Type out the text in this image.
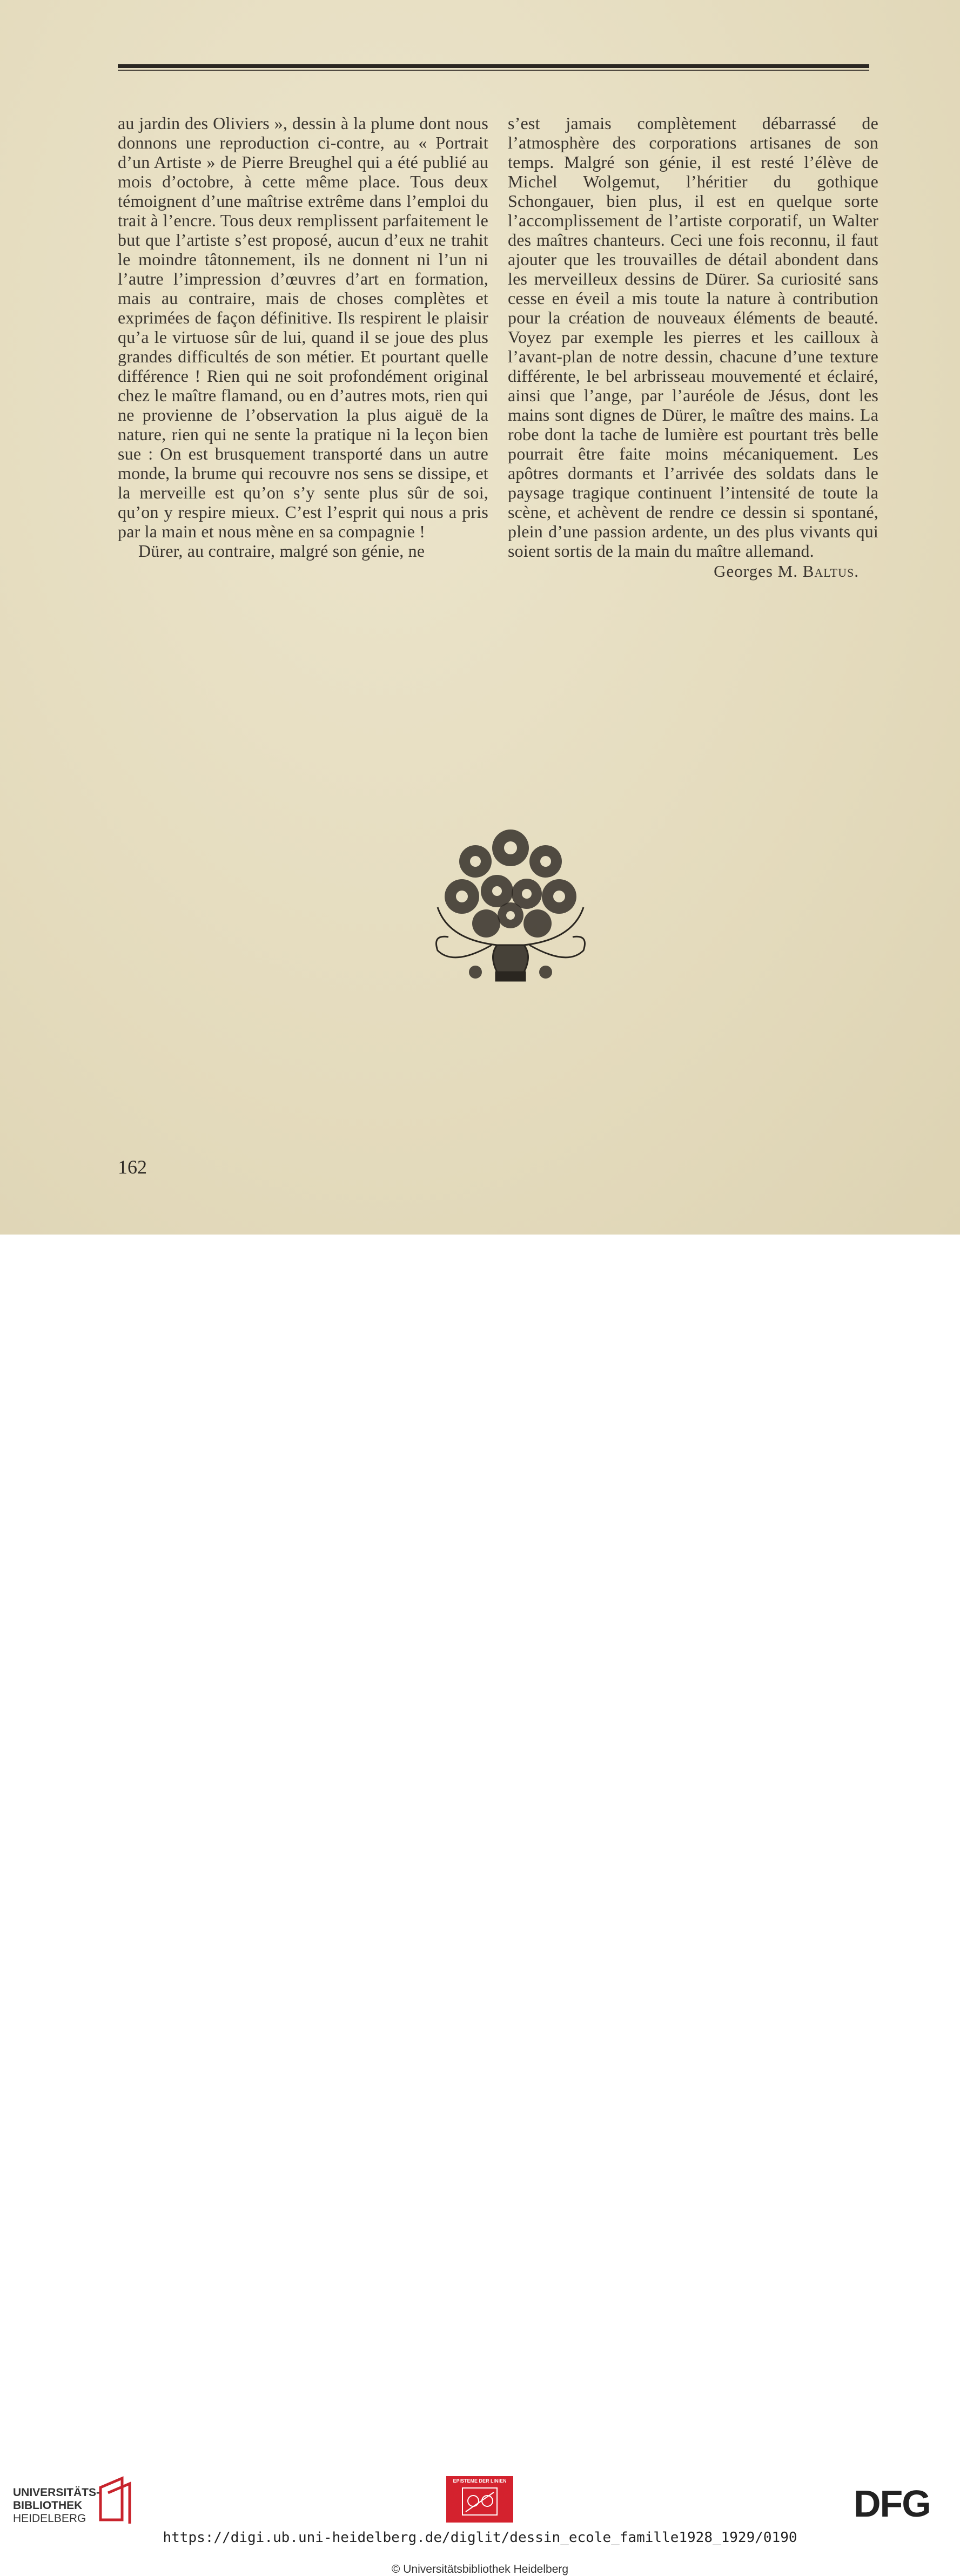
au jardin des Oliviers », dessin à la plume dont nous donnons une reproduction ci-contre, au « Portrait d’un Artiste » de Pierre Breughel qui a été publié au mois d’octobre, à cette même place. Tous deux témoignent d’une maîtrise extrême dans l’emploi du trait à l’encre. Tous deux remplissent parfaitement le but que l’artiste s’est proposé, aucun d’eux ne trahit le moindre tâtonnement, ils ne donnent ni l’un ni l’autre l’impression d’œuvres d’art en formation, mais au contraire, mais de choses complètes et exprimées de façon définitive. Ils respirent le plaisir qu’a le virtuose sûr de lui, quand il se joue des plus grandes difficultés de son métier. Et pourtant quelle différence ! Rien qui ne soit profondément original chez le maître flamand, ou en d’autres mots, rien qui ne provienne de l’observation la plus aiguë de la nature, rien qui ne sente la pratique ni la leçon bien sue : On est brusquement transporté dans un autre monde, la brume qui recouvre nos sens se dissipe, et la merveille est qu’on s’y sente plus sûr de soi, qu’on y respire mieux. C’est l’esprit qui nous a pris par la main et nous mène en sa compagnie !

Dürer, au contraire, malgré son génie, ne

s’est jamais complètement débarrassé de l’atmosphère des corporations artisanes de son temps. Malgré son génie, il est resté l’élève de Michel Wolgemut, l’héritier du gothique Schongauer, bien plus, il est en quelque sorte l’accomplissement de l’artiste corporatif, un Walter des maîtres chanteurs. Ceci une fois reconnu, il faut ajouter que les trouvailles de détail abondent dans les merveilleux dessins de Dürer. Sa curiosité sans cesse en éveil a mis toute la nature à contribution pour la création de nouveaux éléments de beauté. Voyez par exemple les pierres et les cailloux à l’avant-plan de notre dessin, chacune d’une texture différente, le bel arbrisseau mouvementé et éclairé, ainsi que l’ange, par l’auréole de Jésus, dont les mains sont dignes de Dürer, le maître des mains. La robe dont la tache de lumière est pourtant très belle pourrait être faite moins mécaniquement. Les apôtres dormants et l’arrivée des soldats dans le paysage tragique continuent l’intensité de toute la scène, et achèvent de rendre ce dessin si spontané, plein d’une passion ardente, un des plus vivants qui soient sortis de la main du maître allemand.

Georges M. Baltus.
162
UNIVERSITÄTS-
BIBLIOTHEK
HEIDELBERG
EPISTEME DER LINIEN
DFG
https://digi.ub.uni-heidelberg.de/diglit/dessin_ecole_famille1928_1929/0190
© Universitätsbibliothek Heidelberg
